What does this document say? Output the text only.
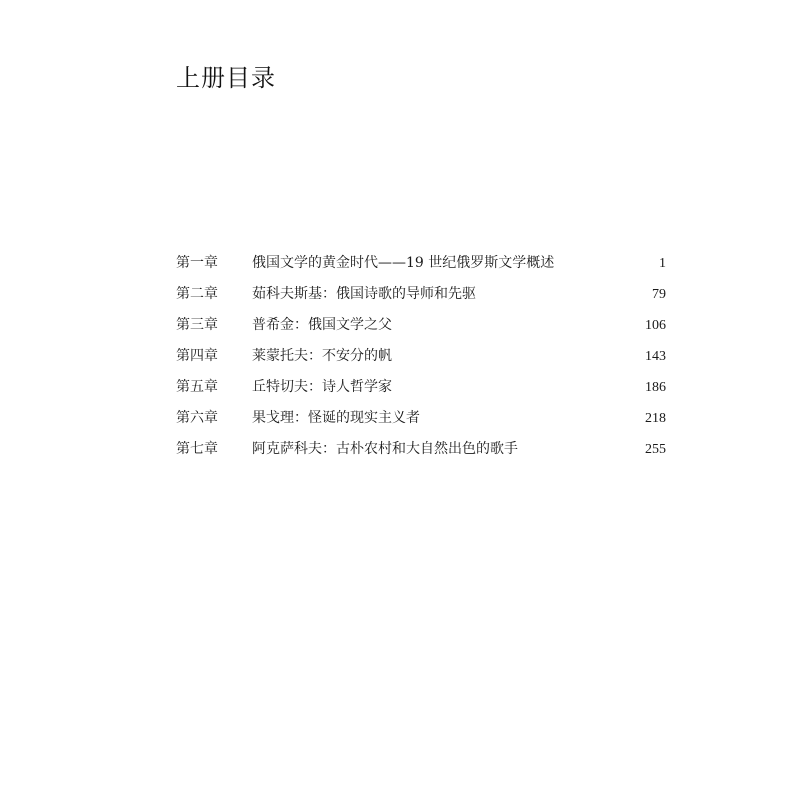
上册目录
第一章	俄国文学的黄金时代——19 世纪俄罗斯文学概述	1
第二章	茹科夫斯基：俄国诗歌的导师和先驱	79
第三章	普希金：俄国文学之父	106
第四章	莱蒙托夫：不安分的帆	143
第五章	丘特切夫：诗人哲学家	186
第六章	果戈理：怪诞的现实主义者	218
第七章	阿克萨科夫：古朴农村和大自然出色的歌手	255
